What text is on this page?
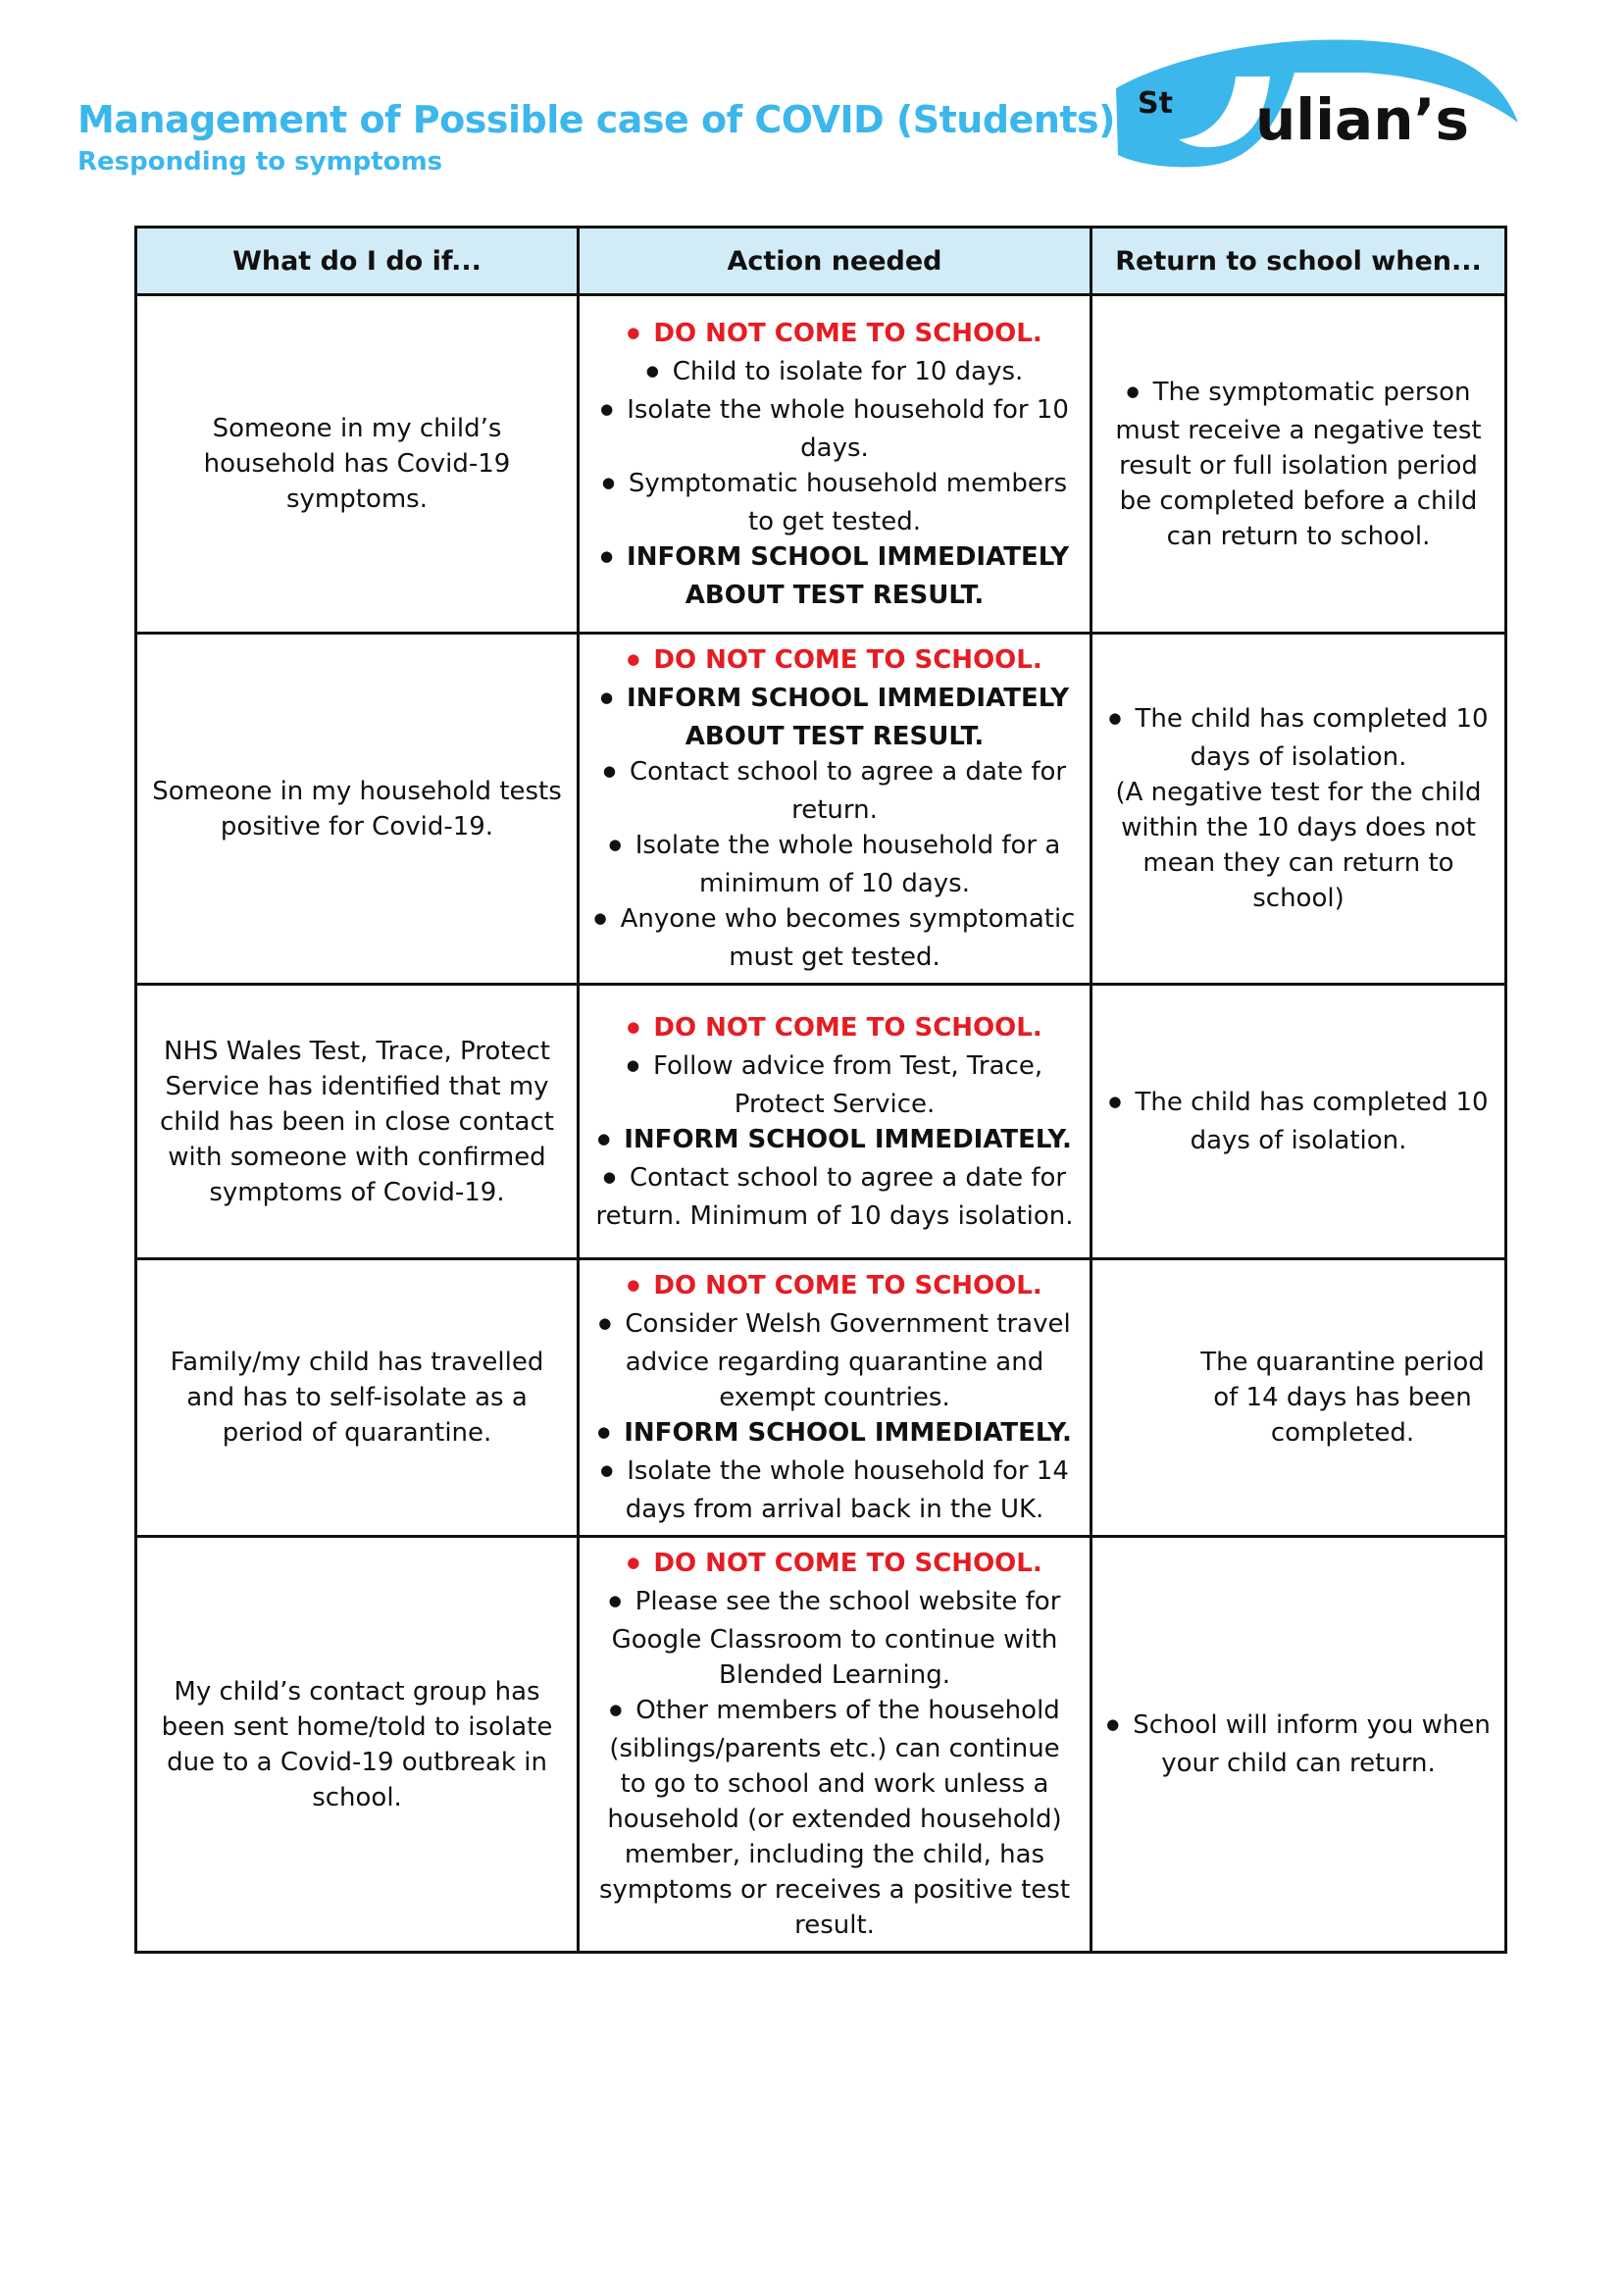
Management of Possible case of COVID (Students)
Responding to symptoms
St ulian’s
What do I do if...	Action needed	Return to school when...
Someone in my child’s household has Covid-19 symptoms.	● DO NOT COME TO SCHOOL.
● Child to isolate for 10 days.
● Isolate the whole household for 10 days.
● Symptomatic household members to get tested.
● INFORM SCHOOL IMMEDIATELY ABOUT TEST RESULT.	● The symptomatic person must receive a negative test result or full isolation period be completed before a child can return to school.

Someone in my household tests positive for Covid-19.	● DO NOT COME TO SCHOOL.
● INFORM SCHOOL IMMEDIATELY ABOUT TEST RESULT.
● Contact school to agree a date for return.
● Isolate the whole household for a minimum of 10 days.
● Anyone who becomes symptomatic must get tested.	● The child has completed 10 days of isolation.
(A negative test for the child within the 10 days does not mean they can return to school)

NHS Wales Test, Trace, Protect Service has identified that my child has been in close contact with someone with confirmed symptoms of Covid-19.	● DO NOT COME TO SCHOOL.
● Follow advice from Test, Trace, Protect Service.
● INFORM SCHOOL IMMEDIATELY.
● Contact school to agree a date for return. Minimum of 10 days isolation.	● The child has completed 10 days of isolation.

Family/my child has travelled and has to self-isolate as a period of quarantine.	● DO NOT COME TO SCHOOL.
● Consider Welsh Government travel advice regarding quarantine and exempt countries.
● INFORM SCHOOL IMMEDIATELY.
● Isolate the whole household for 14 days from arrival back in the UK.	The quarantine period of 14 days has been completed.

My child’s contact group has been sent home/told to isolate due to a Covid-19 outbreak in school.	● DO NOT COME TO SCHOOL.
● Please see the school website for Google Classroom to continue with Blended Learning.
● Other members of the household (siblings/parents etc.) can continue to go to school and work unless a household (or extended household) member, including the child, has symptoms or receives a positive test result.	● School will inform you when your child can return.
